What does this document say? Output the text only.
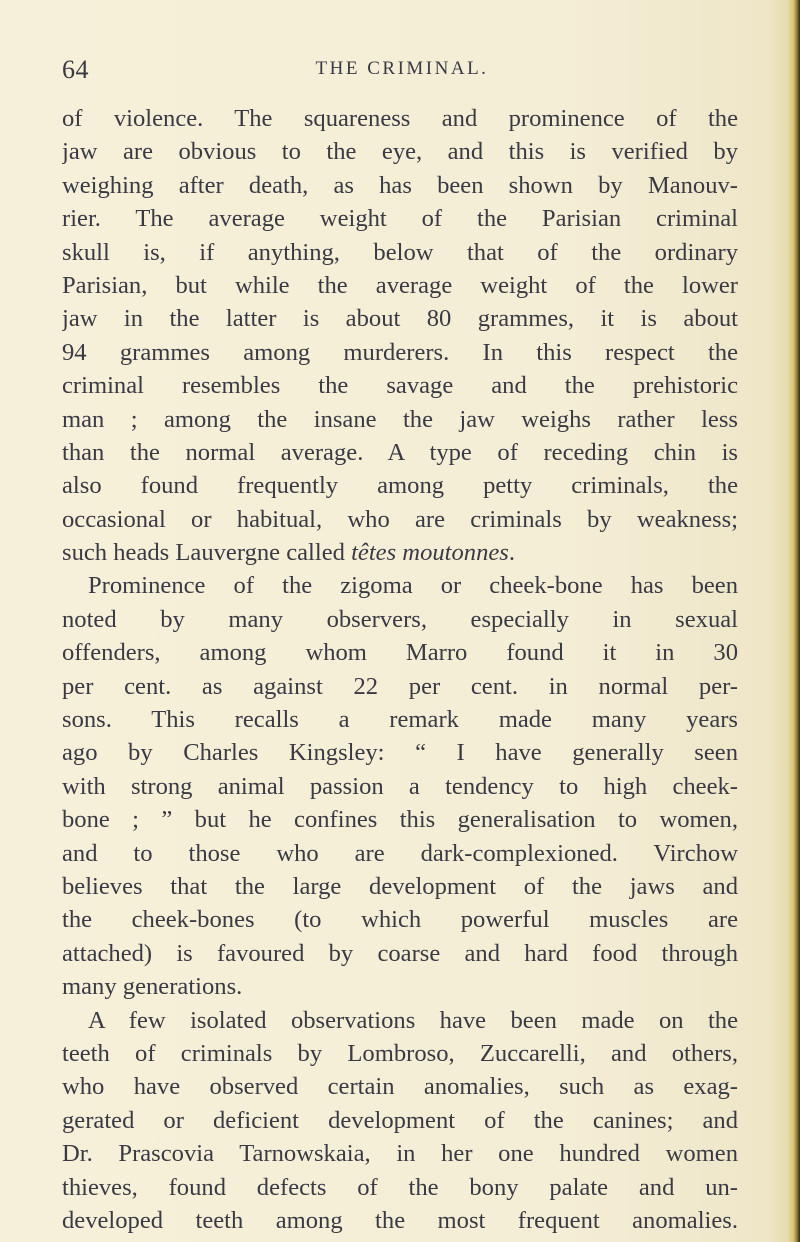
64	THE CRIMINAL.
of violence. The squareness and prominence of the
jaw are obvious to the eye, and this is verified by
weighing after death, as has been shown by Manouv-
rier. The average weight of the Parisian criminal
skull is, if anything, below that of the ordinary
Parisian, but while the average weight of the lower
jaw in the latter is about 80 grammes, it is about
94 grammes among murderers. In this respect the
criminal resembles the savage and the prehistoric
man ; among the insane the jaw weighs rather less
than the normal average. A type of receding chin is
also found frequently among petty criminals, the
occasional or habitual, who are criminals by weakness;
such heads Lauvergne called têtes moutonnes.
Prominence of the zigoma or cheek-bone has been
noted by many observers, especially in sexual
offenders, among whom Marro found it in 30
per cent. as against 22 per cent. in normal per-
sons. This recalls a remark made many years
ago by Charles Kingsley: “ I have generally seen
with strong animal passion a tendency to high cheek-
bone ; ” but he confines this generalisation to women,
and to those who are dark-complexioned. Virchow
believes that the large development of the jaws and
the cheek-bones (to which powerful muscles are
attached) is favoured by coarse and hard food through
many generations.
A few isolated observations have been made on the
teeth of criminals by Lombroso, Zuccarelli, and others,
who have observed certain anomalies, such as exag-
gerated or deficient development of the canines; and
Dr. Prascovia Tarnowskaia, in her one hundred women
thieves, found defects of the bony palate and un-
developed teeth among the most frequent anomalies.
